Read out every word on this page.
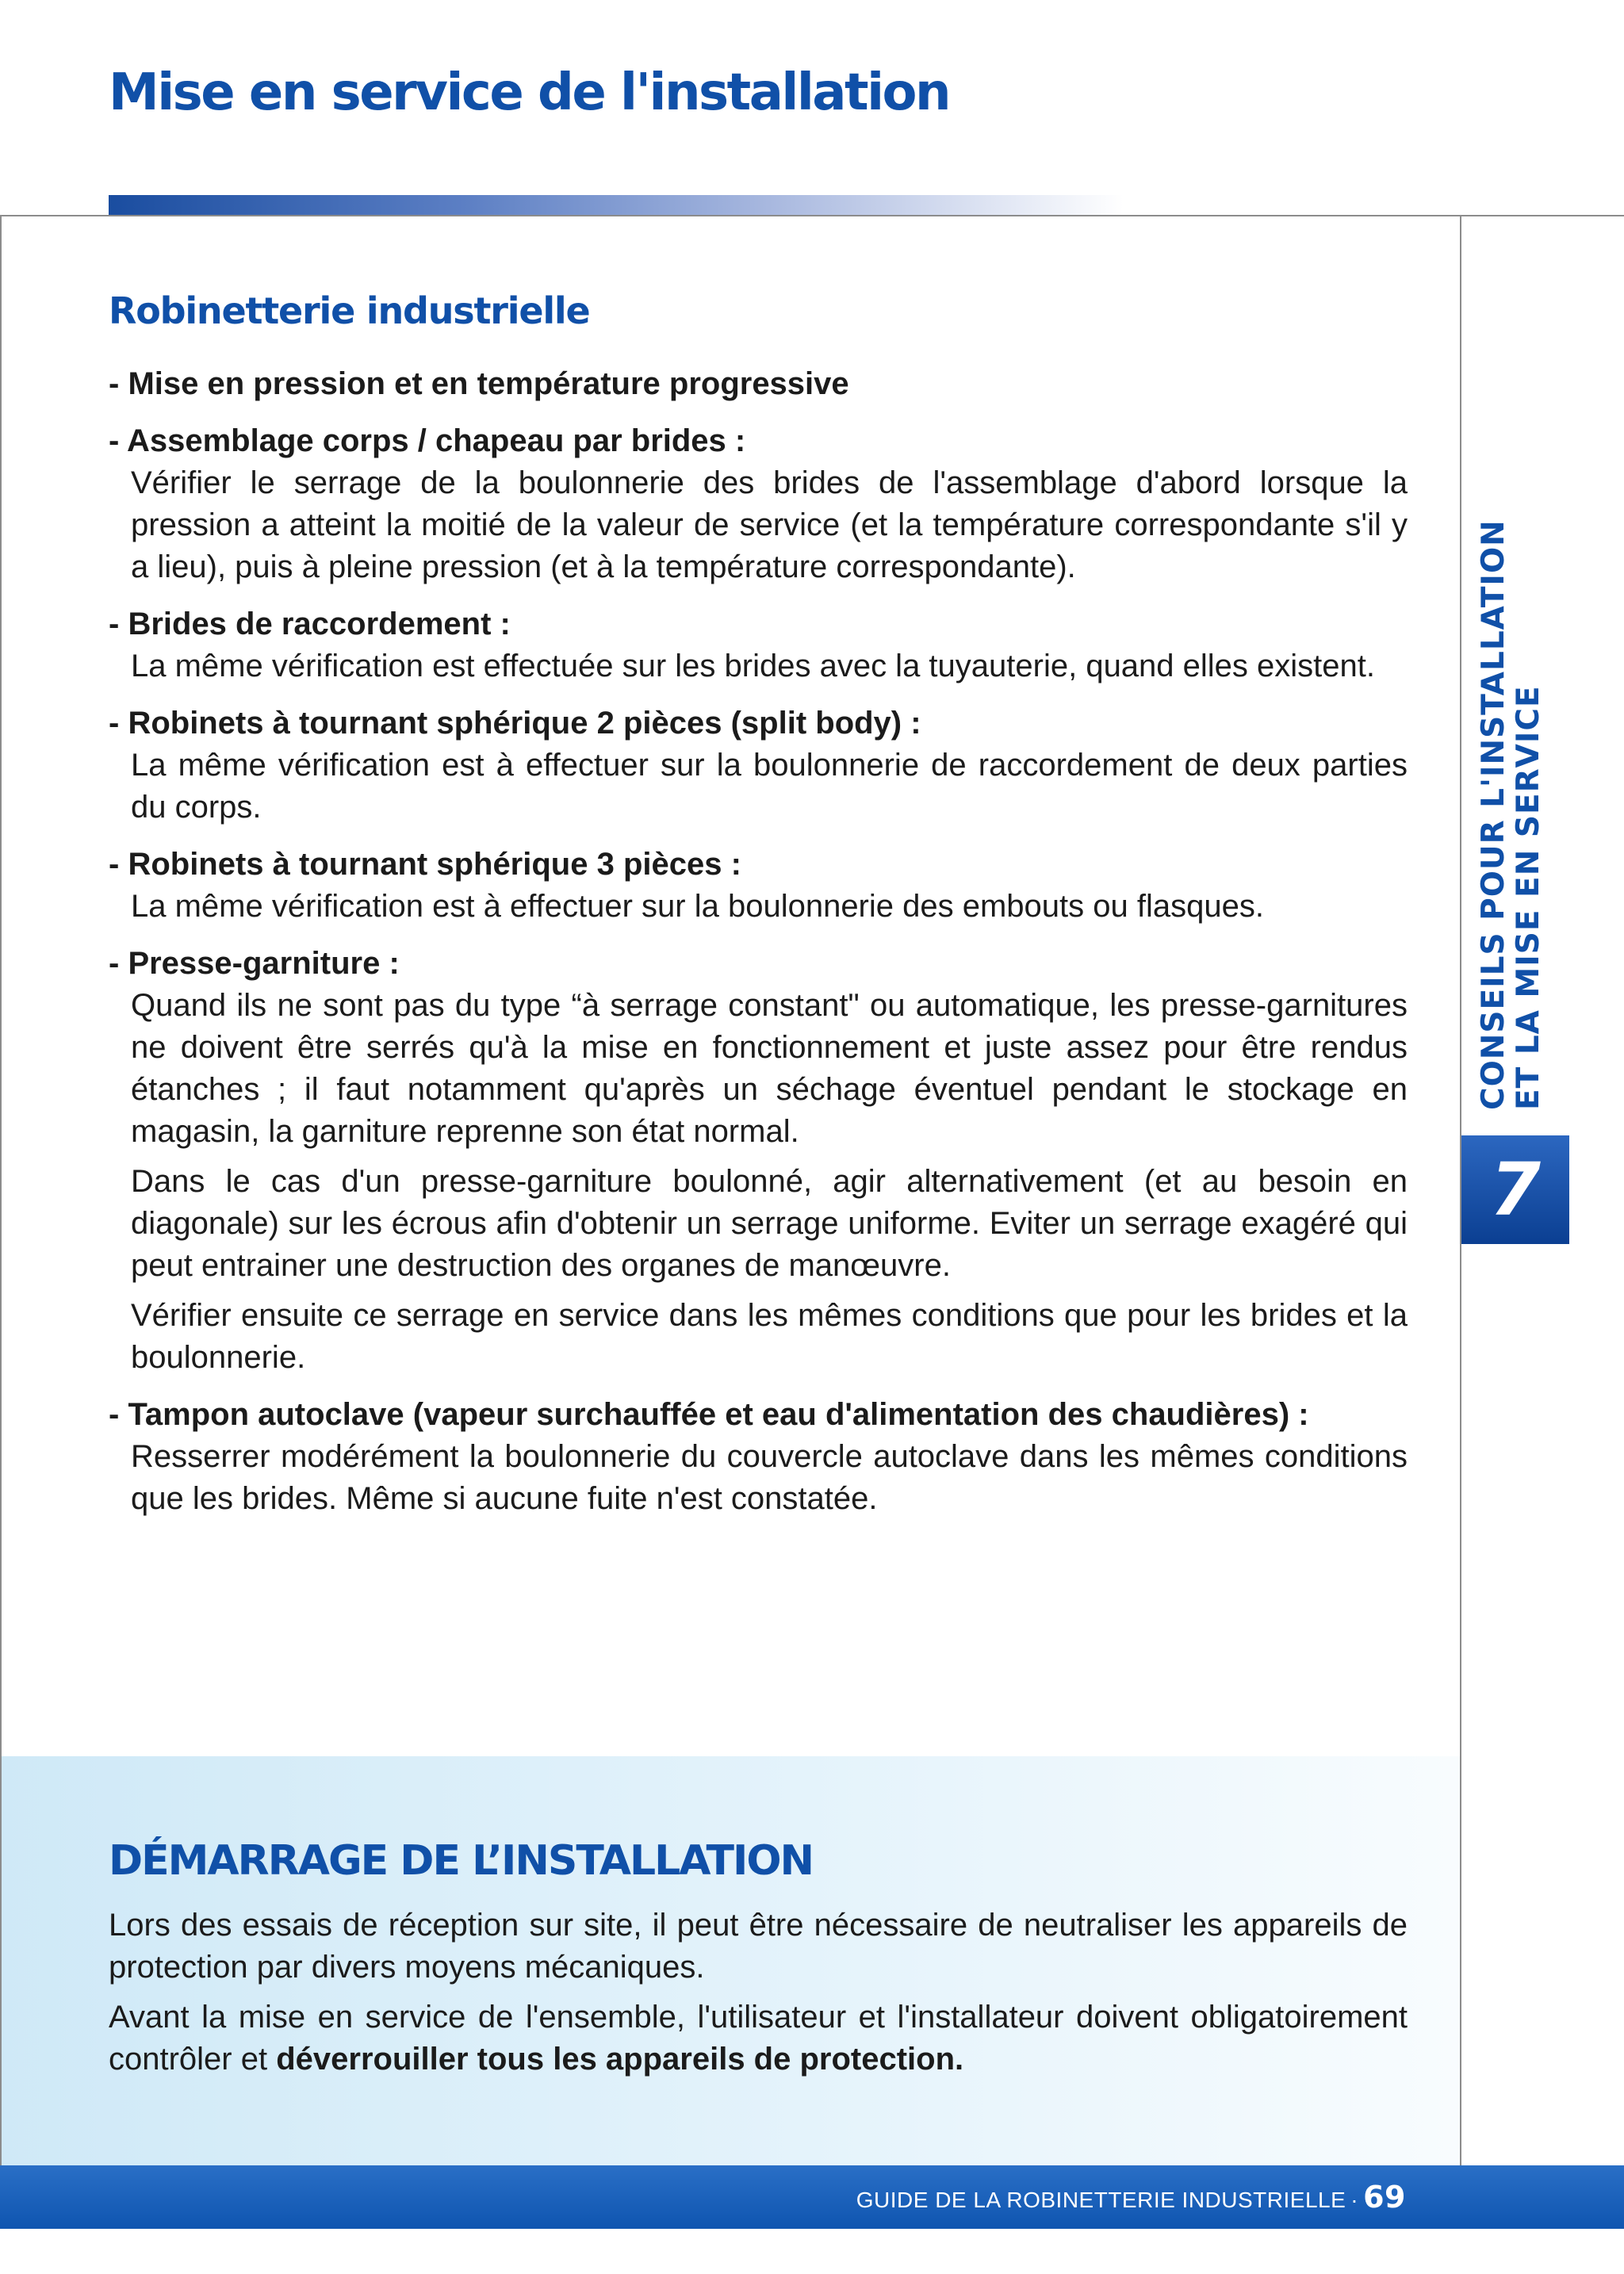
Mise en service de l'installation
Robinetterie industrielle
- Mise en pression et en température progressive
- Assemblage corps / chapeau par brides :
Vérifier le serrage de la boulonnerie des brides de l'assemblage d'abord lorsque la pression a atteint la moitié de la valeur de service (et la température correspondante s'il y a lieu), puis à pleine pression (et à la température correspondante).
- Brides de raccordement :
La même vérification est effectuée sur les brides avec la tuyauterie, quand elles existent.
- Robinets à tournant sphérique 2 pièces (split body) :
La même vérification est à effectuer sur la boulonnerie de raccordement de deux parties du corps.
- Robinets à tournant sphérique 3 pièces :
La même vérification est à effectuer sur la boulonnerie des embouts ou flasques.
- Presse-garniture :
Quand ils ne sont pas du type “à serrage constant" ou automatique, les presse-garnitures ne doivent être serrés qu'à la mise en fonctionnement et juste assez pour être rendus étanches ; il faut notamment qu'après un séchage éventuel pendant le stockage en magasin, la garniture reprenne son état normal.
Dans le cas d'un presse-garniture boulonné, agir alternativement (et au besoin en diagonale) sur les écrous afin d'obtenir un serrage uniforme. Eviter un serrage exagéré qui peut entrainer une destruction des organes de manœuvre.
Vérifier ensuite ce serrage en service dans les mêmes conditions que pour les brides et la boulonnerie.
- Tampon autoclave (vapeur surchauffée et eau d'alimentation des chaudières) :
Resserrer modérément la boulonnerie du couvercle autoclave dans les mêmes conditions que les brides. Même si aucune fuite n'est constatée.
DÉMARRAGE DE L’INSTALLATION

Lors des essais de réception sur site, il peut être nécessaire de neutraliser les appareils de protection par divers moyens mécaniques.

Avant la mise en service de l'ensemble, l'utilisateur et l'installateur doivent obligatoirement contrôler et déverrouiller tous les appareils de protection.

CONSEILS POUR L'INSTALLATION ET LA MISE EN SERVICE
7
GUIDE DE LA ROBINETTERIE INDUSTRIELLE · 69
